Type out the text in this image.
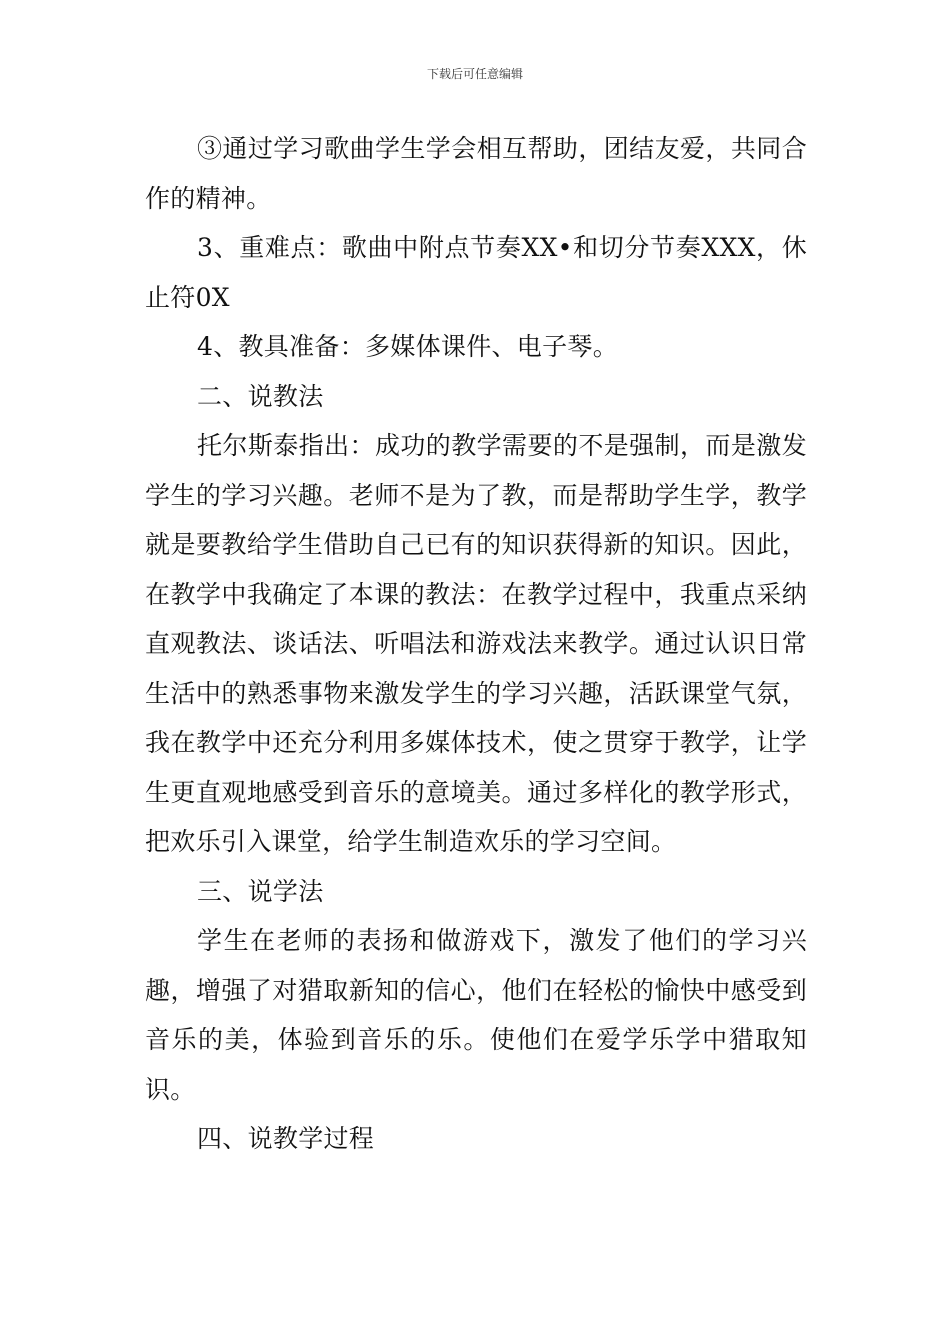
下载后可任意编辑

③通过学习歌曲学生学会相互帮助，团结友爱，共同合作的精神。

3、重难点：歌曲中附点节奏XX•和切分节奏XXX，休止符0X

4、教具准备：多媒体课件、电子琴。

二、说教法

托尔斯泰指出：成功的教学需要的不是强制，而是激发学生的学习兴趣。老师不是为了教，而是帮助学生学，教学就是要教给学生借助自己已有的知识获得新的知识。因此，在教学中我确定了本课的教法：在教学过程中，我重点采纳直观教法、谈话法、听唱法和游戏法来教学。通过认识日常生活中的熟悉事物来激发学生的学习兴趣，活跃课堂气氛，我在教学中还充分利用多媒体技术，使之贯穿于教学，让学生更直观地感受到音乐的意境美。通过多样化的教学形式，把欢乐引入课堂，给学生制造欢乐的学习空间。

三、说学法

学生在老师的表扬和做游戏下，激发了他们的学习兴趣，增强了对猎取新知的信心，他们在轻松的愉快中感受到音乐的美，体验到音乐的乐。使他们在爱学乐学中猎取知识。

四、说教学过程
